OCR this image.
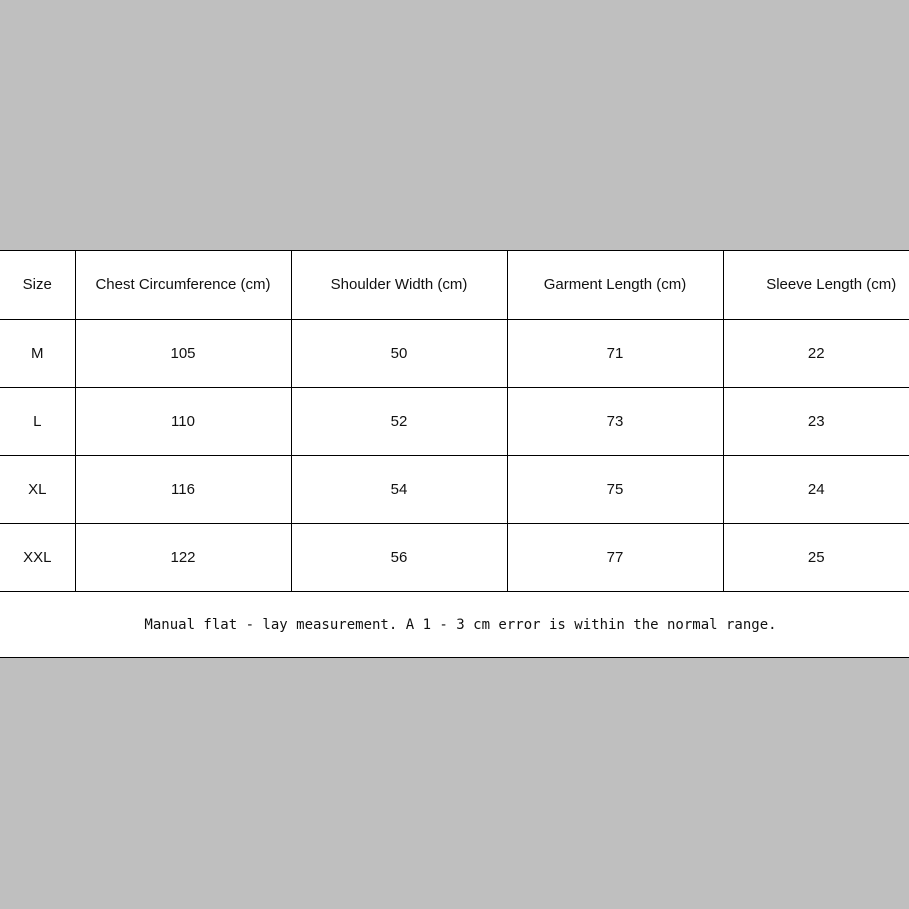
Size	Chest Circumference (cm)	Shoulder Width (cm)	Garment Length (cm)	Sleeve Length (cm)
M	105	50	71	22
L	110	52	73	23
XL	116	54	75	24
XXL	122	56	77	25
Manual flat - lay measurement. A 1 - 3 cm error is within the normal range.
